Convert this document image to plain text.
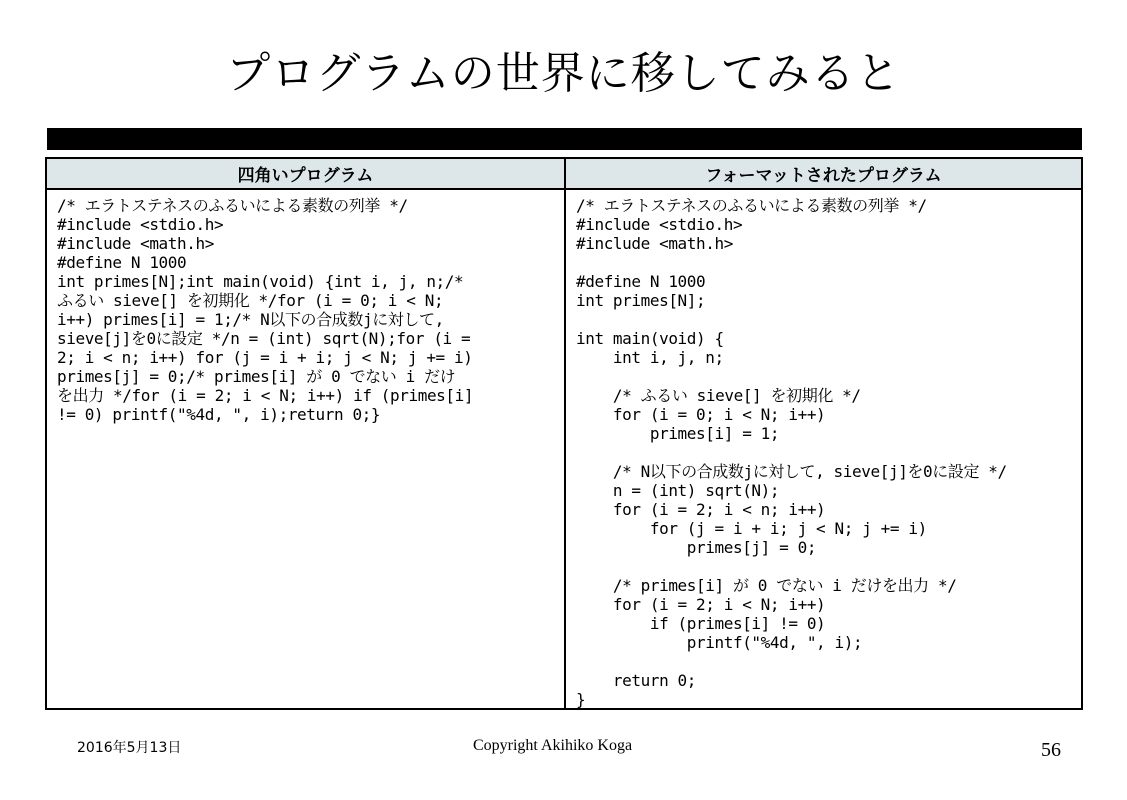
プログラムの世界に移してみると
四角いプログラム
/* エラトステネスのふるいによる素数の列挙 */
#include <stdio.h>
#include <math.h>
#define N 1000
int primes[N];int main(void) {int i, j, n;/*
ふるい sieve[] を初期化 */for (i = 0; i < N;
i++) primes[i] = 1;/* N以下の合成数jに対して,
sieve[j]を0に設定 */n = (int) sqrt(N);for (i =
2; i < n; i++) for (j = i + i; j < N; j += i)
primes[j] = 0;/* primes[i] が 0 でない i だけ
を出力 */for (i = 2; i < N; i++) if (primes[i]
!= 0) printf("%4d, ", i);return 0;}
フォーマットされたプログラム
/* エラトステネスのふるいによる素数の列挙 */
#include <stdio.h>
#include <math.h>
#define N 1000
int primes[N];
int main(void) {
int i, j, n;
/* ふるい sieve[] を初期化 */
for (i = 0; i < N; i++)
primes[i] = 1;
/* N以下の合成数jに対して, sieve[j]を0に設定 */
n = (int) sqrt(N);
for (i = 2; i < n; i++)
for (j = i + i; j < N; j += i)
primes[j] = 0;
/* primes[i] が 0 でない i だけを出力 */
for (i = 2; i < N; i++)
if (primes[i] != 0)
printf("%4d, ", i);
return 0;
}
2016年5月13日	Copyright Akihiko Koga	56
